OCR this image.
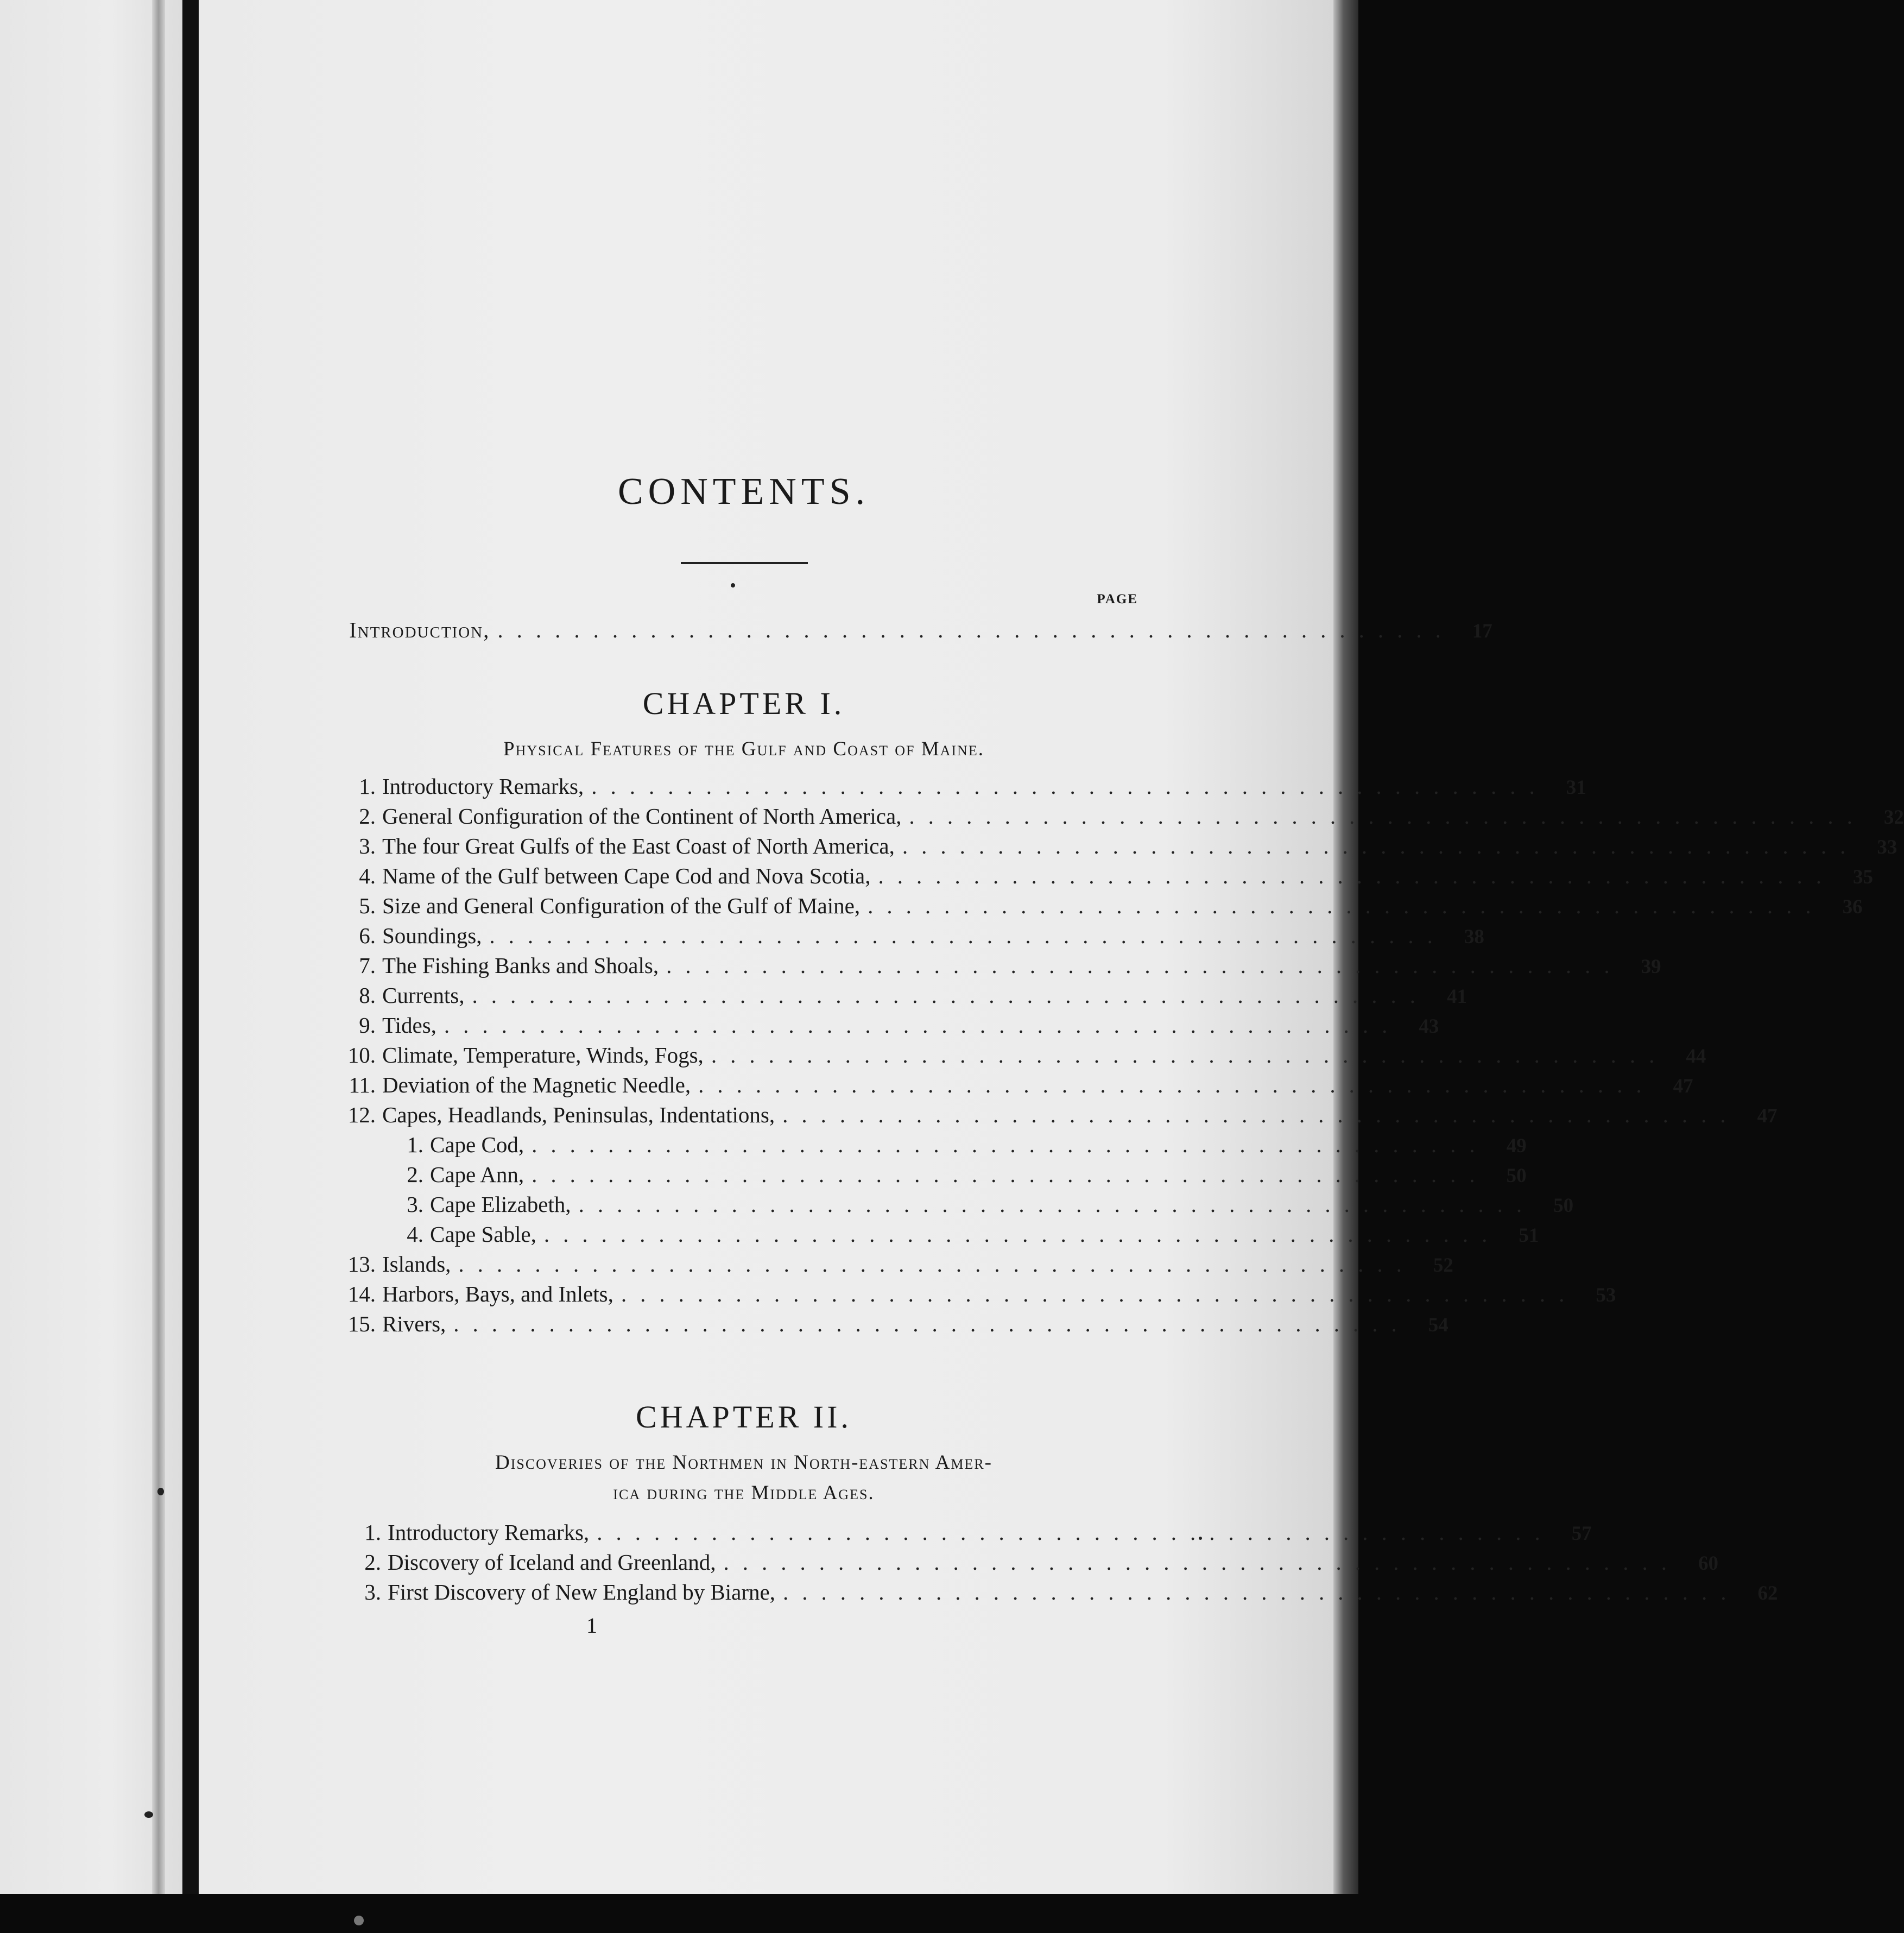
CONTENTS.
PAGE
Introduction, .................................................. 17
CHAPTER I.
Physical Features of the Gulf and Coast of Maine.
1. Introductory Remarks, .................................................. 31
2. General Configuration of the Continent of North America, .................................................. 32
3. The four Great Gulfs of the East Coast of North America, .................................................. 33
4. Name of the Gulf between Cape Cod and Nova Scotia, .................................................. 35
5. Size and General Configuration of the Gulf of Maine, .................................................. 36
6. Soundings, .................................................. 38
7. The Fishing Banks and Shoals, .................................................. 39
8. Currents, .................................................. 41
9. Tides, .................................................. 43
10. Climate, Temperature, Winds, Fogs, .................................................. 44
11. Deviation of the Magnetic Needle, .................................................. 47
12. Capes, Headlands, Peninsulas, Indentations, .................................................. 47
1. Cape Cod, .................................................. 49
2. Cape Ann, .................................................. 50
3. Cape Elizabeth, .................................................. 50
4. Cape Sable, .................................................. 51
13. Islands, .................................................. 52
14. Harbors, Bays, and Inlets, .................................................. 53
15. Rivers, .................................................. 54
CHAPTER II.
Discoveries of the Northmen in North-eastern Amer-
ica during the Middle Ages.
1. Introductory Remarks, .................................................. 57
2. Discovery of Iceland and Greenland, .................................................. 60
3. First Discovery of New England by Biarne, .................................................. 62
1
